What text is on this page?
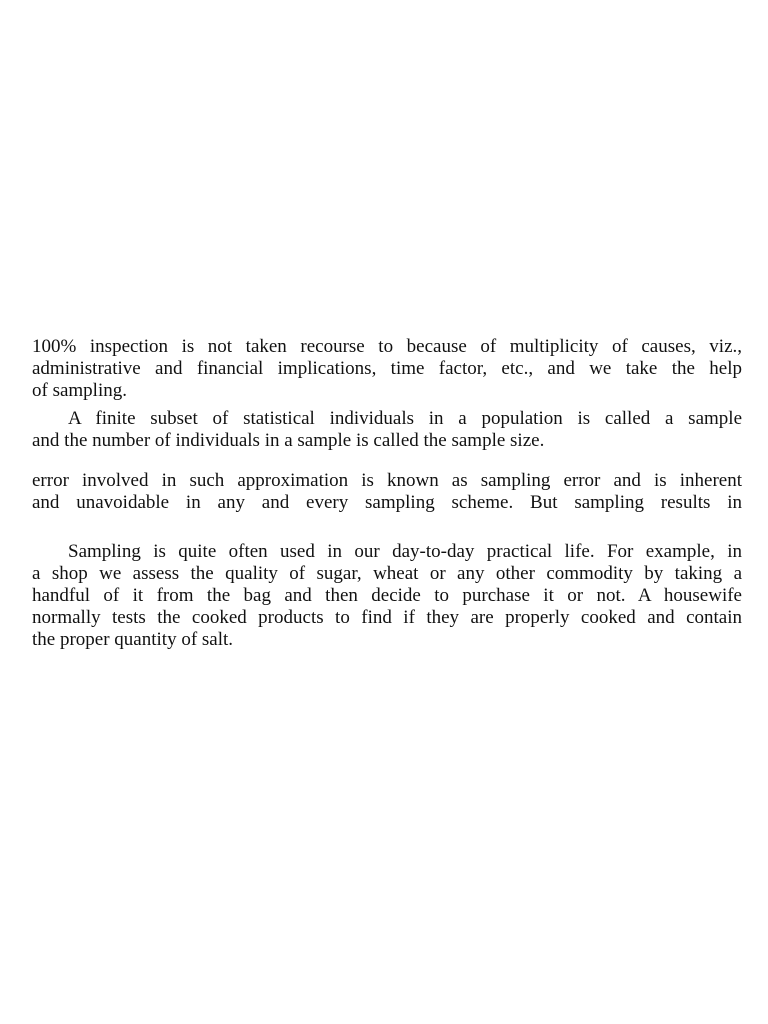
100% inspection is not taken recourse to because of multiplicity of causes, viz.,
administrative and financial implications, time factor, etc., and we take the help
of sampling.
A finite subset of statistical individuals in a population is called a sample
and the number of individuals in a sample is called the sample size.
error involved in such approximation is known as sampling error and is inherent
and unavoidable in any and every sampling scheme. But sampling results in
Sampling is quite often used in our day-to-day practical life. For example, in
a shop we assess the quality of sugar, wheat or any other commodity by taking a
handful of it from the bag and then decide to purchase it or not. A housewife
normally tests the cooked products to find if they are properly cooked and contain
the proper quantity of salt.
